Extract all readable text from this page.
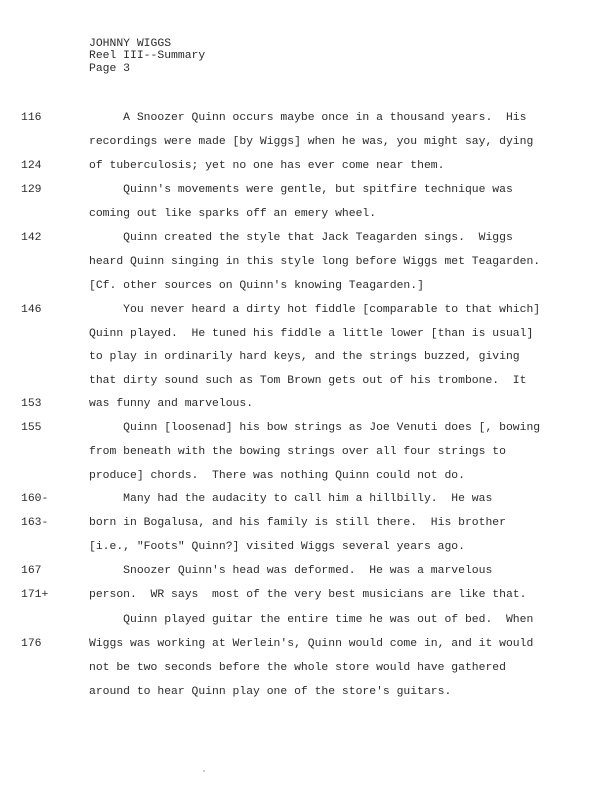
JOHNNY WIGGS
Reel III--Summary
Page 3
116
124
129
142
146
153
155
160-
163-
167
171+
176
A Snoozer Quinn occurs maybe once in a thousand years.  His
recordings were made [by Wiggs] when he was, you might say, dying
of tuberculosis; yet no one has ever come near them.
Quinn's movements were gentle, but spitfire technique was
coming out like sparks off an emery wheel.
Quinn created the style that Jack Teagarden sings.  Wiggs
heard Quinn singing in this style long before Wiggs met Teagarden.
[Cf. other sources on Quinn's knowing Teagarden.]
You never heard a dirty hot fiddle [comparable to that which]
Quinn played.  He tuned his fiddle a little lower [than is usual]
to play in ordinarily hard keys, and the strings buzzed, giving
that dirty sound such as Tom Brown gets out of his trombone.  It
was funny and marvelous.
Quinn [loosenad] his bow strings as Joe Venuti does [, bowing
from beneath with the bowing strings over all four strings to
produce] chords.  There was nothing Quinn could not do.
Many had the audacity to call him a hillbilly.  He was
born in Bogalusa, and his family is still there.  His brother
[i.e., "Foots" Quinn?] visited Wiggs several years ago.
Snoozer Quinn's head was deformed.  He was a marvelous
person.  WR says  most of the very best musicians are like that.
Quinn played guitar the entire time he was out of bed.  When
Wiggs was working at Werlein's, Quinn would come in, and it would
not be two seconds before the whole store would have gathered
around to hear Quinn play one of the store's guitars.
